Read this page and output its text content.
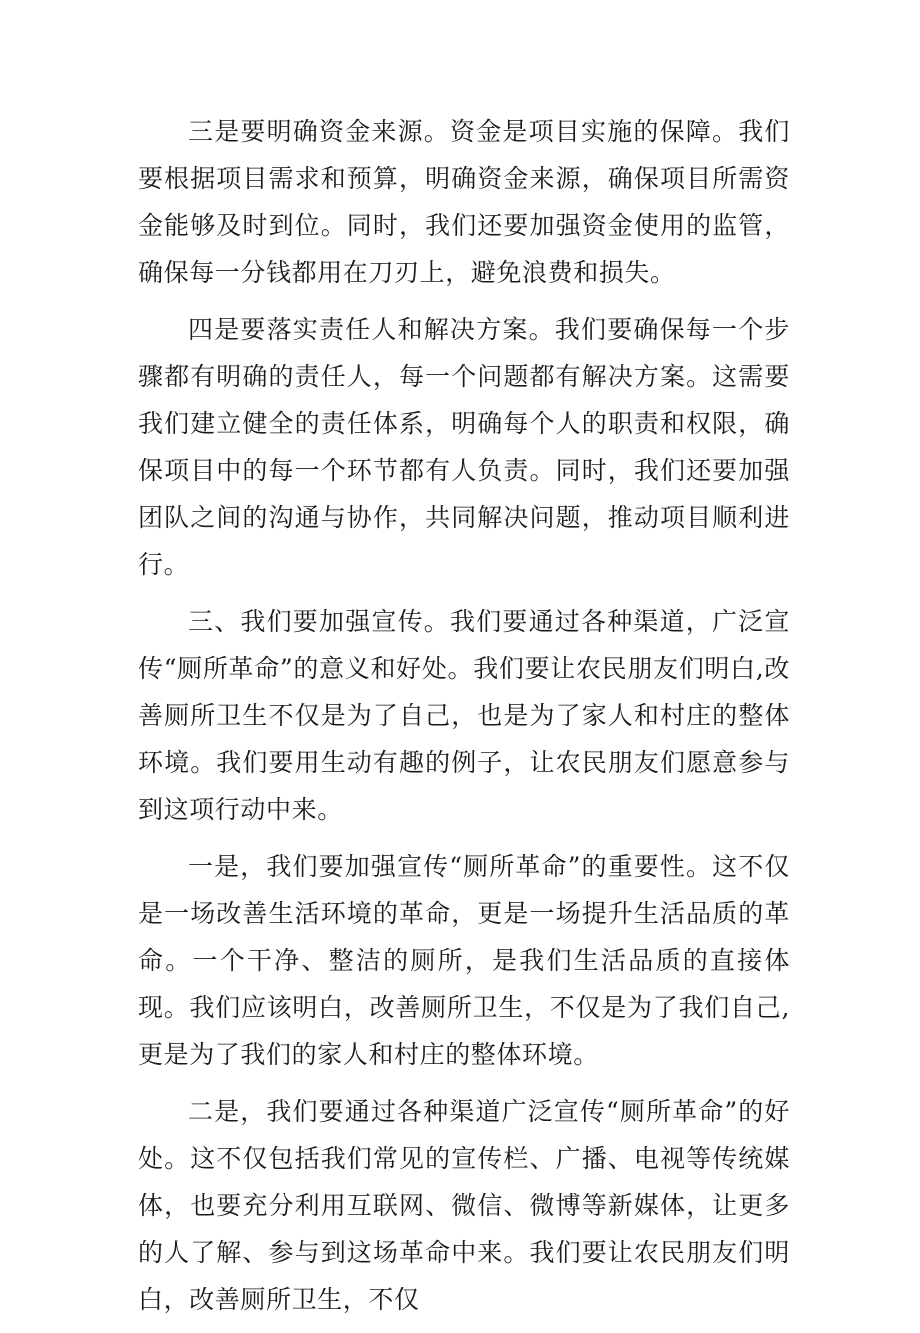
三是要明确资金来源。资金是项目实施的保障。我们要根据项目需求和预算，明确资金来源，确保项目所需资金能够及时到位。同时，我们还要加强资金使用的监管，确保每一分钱都用在刀刃上，避免浪费和损失。

四是要落实责任人和解决方案。我们要确保每一个步骤都有明确的责任人，每一个问题都有解决方案。这需要我们建立健全的责任体系，明确每个人的职责和权限，确保项目中的每一个环节都有人负责。同时，我们还要加强团队之间的沟通与协作，共同解决问题，推动项目顺利进行。

三、我们要加强宣传。我们要通过各种渠道，广泛宣传“厕所革命”的意义和好处。我们要让农民朋友们明白,改善厕所卫生不仅是为了自己，也是为了家人和村庄的整体环境。我们要用生动有趣的例子，让农民朋友们愿意参与到这项行动中来。

一是，我们要加强宣传“厕所革命”的重要性。这不仅是一场改善生活环境的革命，更是一场提升生活品质的革命。一个干净、整洁的厕所，是我们生活品质的直接体现。我们应该明白，改善厕所卫生，不仅是为了我们自己,更是为了我们的家人和村庄的整体环境。

二是，我们要通过各种渠道广泛宣传“厕所革命”的好处。这不仅包括我们常见的宣传栏、广播、电视等传统媒体，也要充分利用互联网、微信、微博等新媒体，让更多的人了解、参与到这场革命中来。我们要让农民朋友们明白，改善厕所卫生，不仅
